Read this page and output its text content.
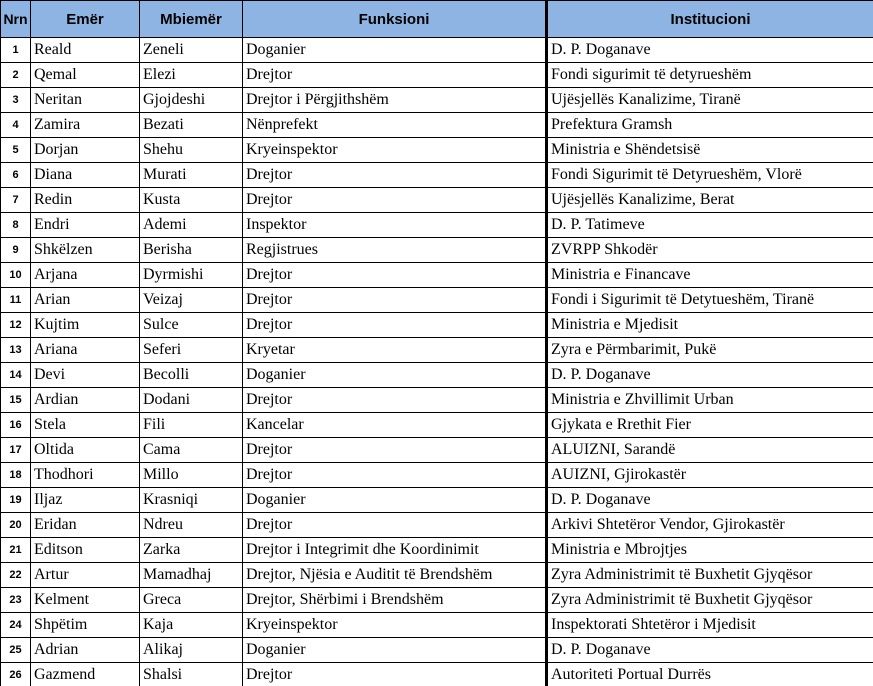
Nrn	Emër	Mbiemër	Funksioni	Institucioni
1	Reald	Zeneli	Doganier	D. P. Doganave
2	Qemal	Elezi	Drejtor	Fondi sigurimit të detyrueshëm
3	Neritan	Gjojdeshi	Drejtor i Përgjithshëm	Ujësjellës Kanalizime, Tiranë
4	Zamira	Bezati	Nënprefekt	Prefektura Gramsh
5	Dorjan	Shehu	Kryeinspektor	Ministria e Shëndetsisë
6	Diana	Murati	Drejtor	Fondi Sigurimit të Detyrueshëm, Vlorë
7	Redin	Kusta	Drejtor	Ujësjellës Kanalizime, Berat
8	Endri	Ademi	Inspektor	D. P. Tatimeve
9	Shkëlzen	Berisha	Regjistrues	ZVRPP Shkodër
10	Arjana	Dyrmishi	Drejtor	Ministria e Financave
11	Arian	Veizaj	Drejtor	Fondi i Sigurimit të Detytueshëm, Tiranë
12	Kujtim	Sulce	Drejtor	Ministria e Mjedisit
13	Ariana	Seferi	Kryetar	Zyra e Përmbarimit, Pukë
14	Devi	Becolli	Doganier	D. P. Doganave
15	Ardian	Dodani	Drejtor	Ministria e Zhvillimit Urban
16	Stela	Fili	Kancelar	Gjykata e Rrethit Fier
17	Oltida	Cama	Drejtor	ALUIZNI, Sarandë
18	Thodhori	Millo	Drejtor	AUIZNI, Gjirokastër
19	Iljaz	Krasniqi	Doganier	D. P. Doganave
20	Eridan	Ndreu	Drejtor	Arkivi Shtetëror Vendor, Gjirokastër
21	Editson	Zarka	Drejtor i Integrimit dhe Koordinimit	Ministria e Mbrojtjes
22	Artur	Mamadhaj	Drejtor, Njësia e Auditit të Brendshëm	Zyra Administrimit të Buxhetit Gjyqësor
23	Kelment	Greca	Drejtor, Shërbimi i Brendshëm	Zyra Administrimit të Buxhetit Gjyqësor
24	Shpëtim	Kaja	Kryeinspektor	Inspektorati Shtetëror i Mjedisit
25	Adrian	Alikaj	Doganier	D. P. Doganave
26	Gazmend	Shalsi	Drejtor	Autoriteti Portual Durrës
